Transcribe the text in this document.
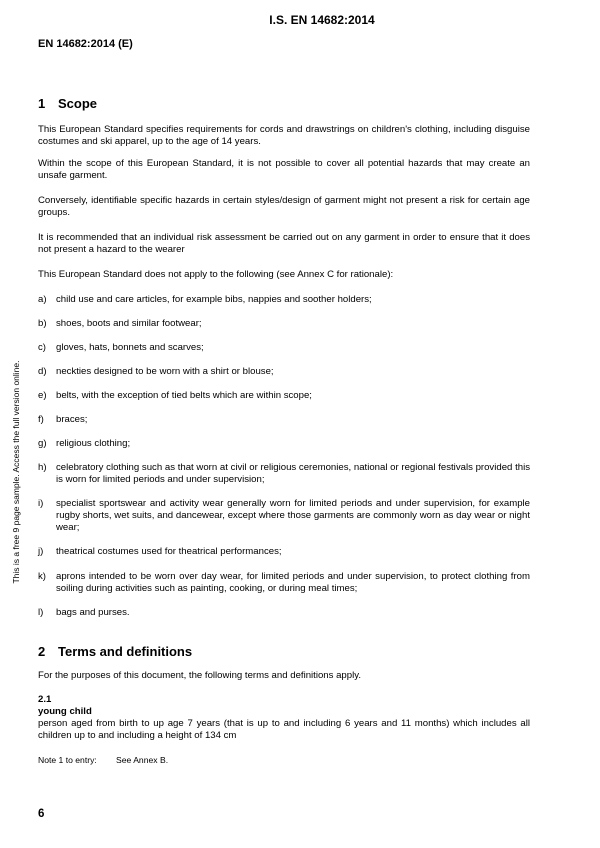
I.S. EN 14682:2014
EN 14682:2014 (E)
This is a free 9 page sample. Access the full version online.
1 Scope

This European Standard specifies requirements for cords and drawstrings on children's clothing, including disguise costumes and ski apparel, up to the age of 14 years.

Within the scope of this European Standard, it is not possible to cover all potential hazards that may create an unsafe garment.

Conversely, identifiable specific hazards in certain styles/design of garment might not present a risk for certain age groups.

It is recommended that an individual risk assessment be carried out on any garment in order to ensure that it does not present a hazard to the wearer

This European Standard does not apply to the following (see Annex C for rationale):

a) child use and care articles, for example bibs, nappies and soother holders;
b) shoes, boots and similar footwear;
c) gloves, hats, bonnets and scarves;
d) neckties designed to be worn with a shirt or blouse;
e) belts, with the exception of tied belts which are within scope;
f) braces;
g) religious clothing;
h) celebratory clothing such as that worn at civil or religious ceremonies, national or regional festivals provided this is worn for limited periods and under supervision;
i) specialist sportswear and activity wear generally worn for limited periods and under supervision, for example rugby shorts, wet suits, and dancewear, except where those garments are commonly worn as day wear or night wear;
j) theatrical costumes used for theatrical performances;
k) aprons intended to be worn over day wear, for limited periods and under supervision, to protect clothing from soiling during activities such as painting, cooking, or during meal times;
l) bags and purses.
2 Terms and definitions

For the purposes of this document, the following terms and definitions apply.

2.1
young child

person aged from birth to up age 7 years (that is up to and including 6 years and 11 months) which includes all children up to and including a height of 134 cm

Note 1 to entry: See Annex B.
6
